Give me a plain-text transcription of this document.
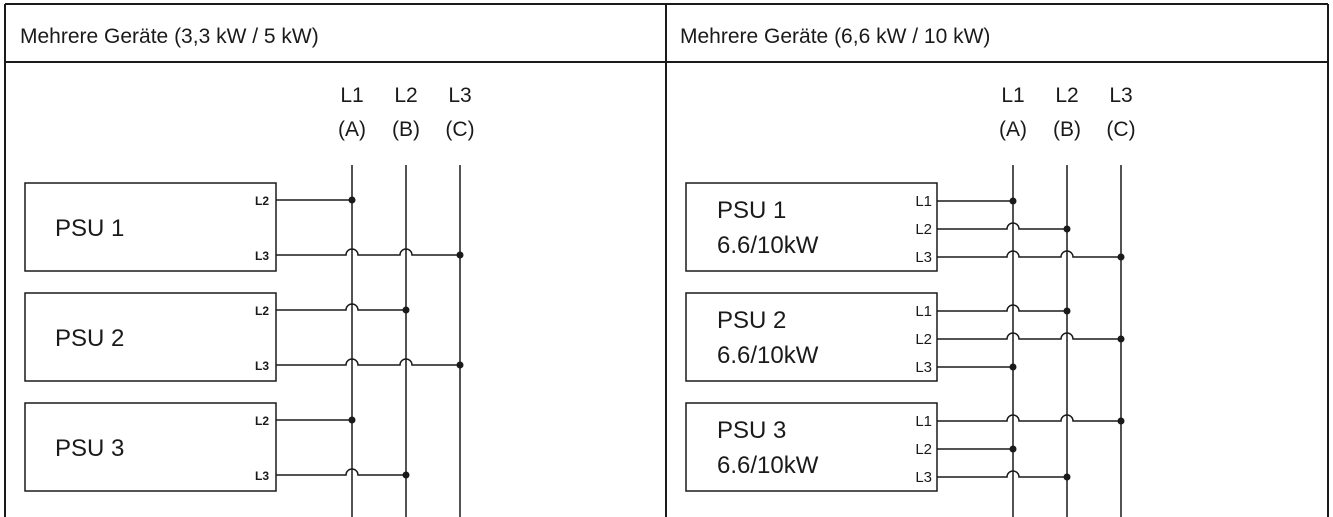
Mehrere Geräte (3,3 kW / 5 kW)	Mehrere Geräte (6,6 kW / 10 kW)
L1
(A)
L2
(B)
L3
(C)
L1
(A)
L2
(B)
L3
(C)
PSU 1
L2
L3
PSU 2
L2
L3
PSU 3
L2
L3
PSU 1
6.6/10kW
L1
L2
L3
PSU 2
6.6/10kW
L1
L2
L3
PSU 3
6.6/10kW
L1
L2
L3
